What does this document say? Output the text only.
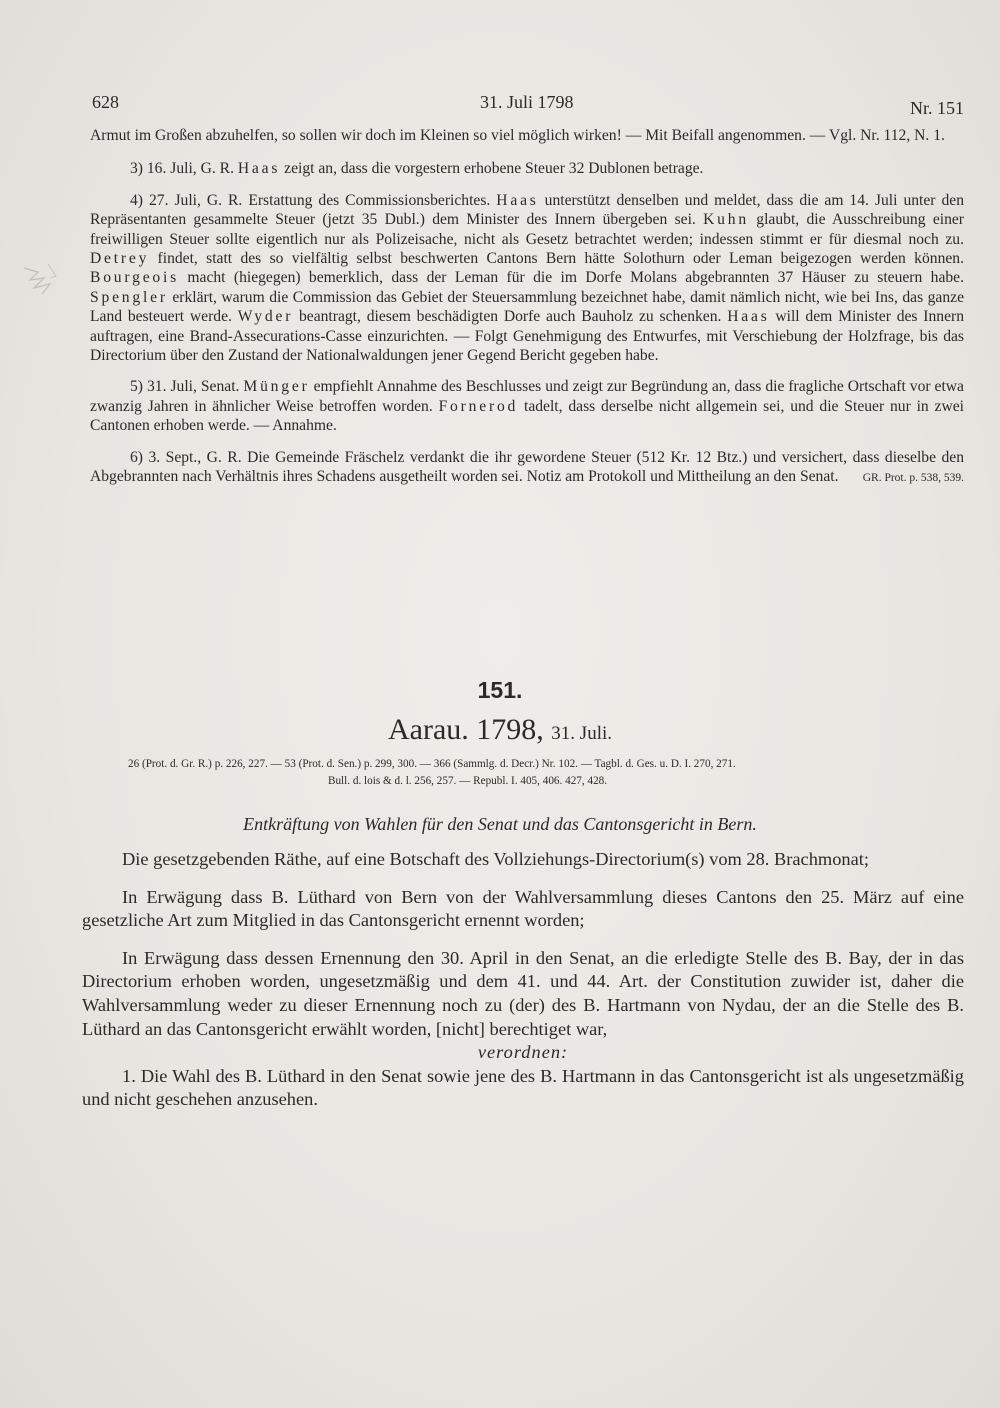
628	31. Juli 1798	Nr. 151

Armut im Großen abzuhelfen, so sollen wir doch im Kleinen so viel möglich wirken! — Mit Beifall angenommen. — Vgl. Nr. 112, N. 1.

3) 16. Juli, G. R. Haas zeigt an, dass die vorgestern erhobene Steuer 32 Dublonen betrage.

4) 27. Juli, G. R. Erstattung des Commissionsberichtes. Haas unterstützt denselben und meldet, dass die am 14. Juli unter den Repräsentanten gesammelte Steuer (jetzt 35 Dubl.) dem Minister des Innern übergeben sei. Kuhn glaubt, die Ausschreibung einer freiwilligen Steuer sollte eigentlich nur als Polizeisache, nicht als Gesetz betrachtet werden; indessen stimmt er für diesmal noch zu. Detrey findet, statt des so vielfältig selbst beschwerten Cantons Bern hätte Solothurn oder Leman beigezogen werden können. Bourgeois macht (hiegegen) bemerklich, dass der Leman für die im Dorfe Molans abgebrannten 37 Häuser zu steuern habe. Spengler erklärt, warum die Commission das Gebiet der Steuersammlung bezeichnet habe, damit nämlich nicht, wie bei Ins, das ganze Land besteuert werde. Wyder beantragt, diesem beschädigten Dorfe auch Bauholz zu schenken. Haas will dem Minister des Innern auftragen, eine Brand-Assecurations-Casse einzurichten. — Folgt Genehmigung des Entwurfes, mit Verschiebung der Holzfrage, bis das Directorium über den Zustand der Nationalwaldungen jener Gegend Bericht gegeben habe.

5) 31. Juli, Senat. Münger empfiehlt Annahme des Beschlusses und zeigt zur Begründung an, dass die fragliche Ortschaft vor etwa zwanzig Jahren in ähnlicher Weise betroffen worden. Fornerod tadelt, dass derselbe nicht allgemein sei, und die Steuer nur in zwei Cantonen erhoben werde. — Annahme.

6) 3. Sept., G. R. Die Gemeinde Fräschelz verdankt die ihr gewordene Steuer (512 Kr. 12 Btz.) und versichert, dass dieselbe den Abgebrannten nach Verhältnis ihres Schadens ausgetheilt worden sei. Notiz am Protokoll und Mittheilung an den Senat.	GR. Prot. p. 538, 539.
151.
Aarau. 1798, 31. Juli.
26 (Prot. d. Gr. R.) p. 226, 227. — 53 (Prot. d. Sen.) p. 299, 300. — 366 (Sammlg. d. Decr.) Nr. 102. — Tagbl. d. Ges. u. D. I. 270, 271.

Bull. d. lois & d. l. 256, 257. — Republ. I. 405, 406. 427, 428.
Entkräftung von Wahlen für den Senat und das Cantonsgericht in Bern.

Die gesetzgebenden Räthe, auf eine Botschaft des Vollziehungs-Directorium(s) vom 28. Brachmonat;

In Erwägung dass B. Lüthard von Bern von der Wahlversammlung dieses Cantons den 25. März auf eine gesetzliche Art zum Mitglied in das Cantonsgericht ernennt worden;

In Erwägung dass dessen Ernennung den 30. April in den Senat, an die erledigte Stelle des B. Bay, der in das Directorium erhoben worden, ungesetzmäßig und dem 41. und 44. Art. der Constitution zuwider ist, daher die Wahlversammlung weder zu dieser Ernennung noch zu (der) des B. Hartmann von Nydau, der an die Stelle des B. Lüthard an das Cantonsgericht erwählt worden, [nicht] berechtiget war,

verordnen:

1. Die Wahl des B. Lüthard in den Senat sowie jene des B. Hartmann in das Cantonsgericht ist als ungesetzmäßig und nicht geschehen anzusehen.
